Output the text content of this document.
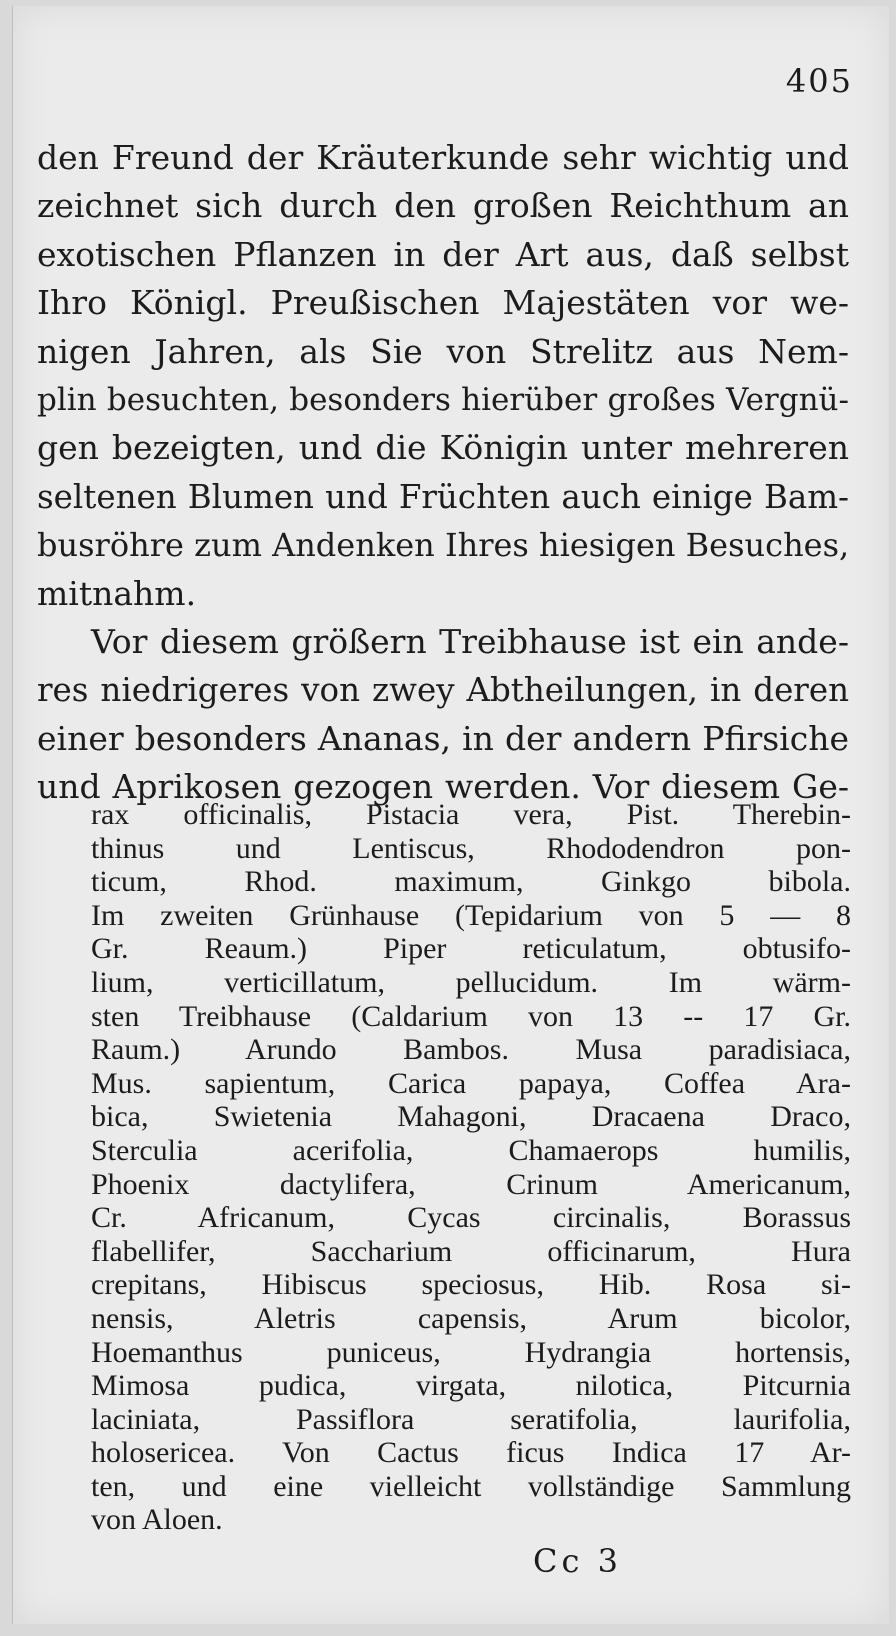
405
den Freund der Kräuterkunde sehr wichtig und
zeichnet sich durch den großen Reichthum an
exotischen Pflanzen in der Art aus, daß selbst
Ihro Königl. Preußischen Majestäten vor we-
nigen Jahren, als Sie von Strelitz aus Nem-
plin besuchten, besonders hierüber großes Vergnü-
gen bezeigten, und die Königin unter mehreren
seltenen Blumen und Früchten auch einige Bam-
busröhre zum Andenken Ihres hiesigen Besuches,
mitnahm.
Vor diesem größern Treibhause ist ein ande-
res niedrigeres von zwey Abtheilungen, in deren
einer besonders Ananas, in der andern Pfirsiche
und Aprikosen gezogen werden. Vor diesem Ge-
rax officinalis, Pistacia vera, Pist. Therebin-
thinus und Lentiscus, Rhododendron pon-
ticum, Rhod. maximum, Ginkgo bibola.
Im zweiten Grünhause (Tepidarium von 5 — 8
Gr. Reaum.) Piper reticulatum, obtusifo-
lium, verticillatum, pellucidum. Im wärm-
sten Treibhause (Caldarium von 13 -- 17 Gr.
Raum.) Arundo Bambos. Musa paradisiaca,
Mus. sapientum, Carica papaya, Coffea Ara-
bica, Swietenia Mahagoni, Dracaena Draco,
Sterculia acerifolia, Chamaerops humilis,
Phoenix dactylifera, Crinum Americanum,
Cr. Africanum, Cycas circinalis, Borassus
flabellifer, Saccharium officinarum, Hura
crepitans, Hibiscus speciosus, Hib. Rosa si-
nensis, Aletris capensis, Arum bicolor,
Hoemanthus puniceus, Hydrangia hortensis,
Mimosa pudica, virgata, nilotica, Pitcurnia
laciniata, Passiflora seratifolia, laurifolia,
holosericea. Von Cactus ficus Indica 17 Ar-
ten, und eine vielleicht vollständige Sammlung
von Aloen.
Cc 3
